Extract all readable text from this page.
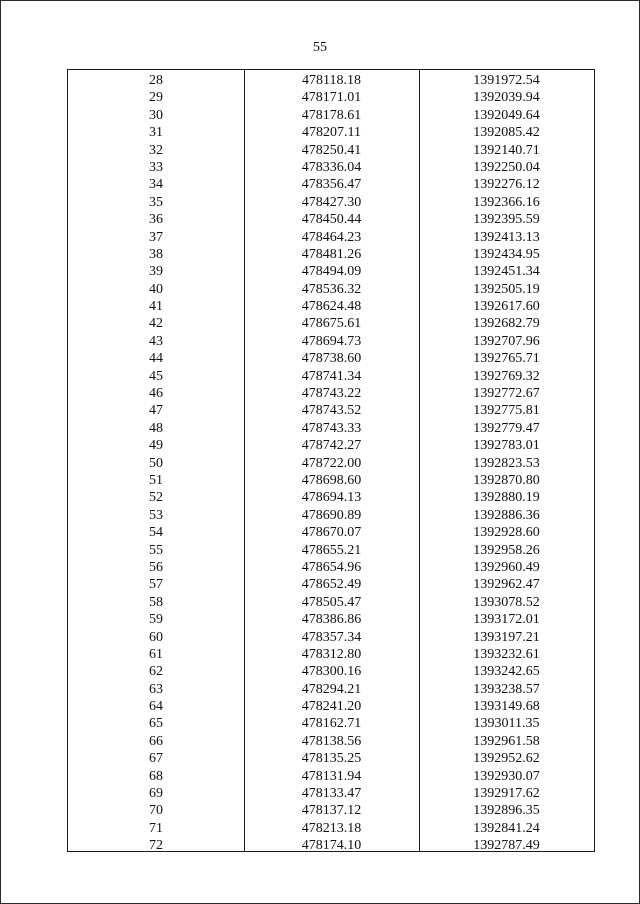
55
28	478118.18	1391972.54
29	478171.01	1392039.94
30	478178.61	1392049.64
31	478207.11	1392085.42
32	478250.41	1392140.71
33	478336.04	1392250.04
34	478356.47	1392276.12
35	478427.30	1392366.16
36	478450.44	1392395.59
37	478464.23	1392413.13
38	478481.26	1392434.95
39	478494.09	1392451.34
40	478536.32	1392505.19
41	478624.48	1392617.60
42	478675.61	1392682.79
43	478694.73	1392707.96
44	478738.60	1392765.71
45	478741.34	1392769.32
46	478743.22	1392772.67
47	478743.52	1392775.81
48	478743.33	1392779.47
49	478742.27	1392783.01
50	478722.00	1392823.53
51	478698.60	1392870.80
52	478694.13	1392880.19
53	478690.89	1392886.36
54	478670.07	1392928.60
55	478655.21	1392958.26
56	478654.96	1392960.49
57	478652.49	1392962.47
58	478505.47	1393078.52
59	478386.86	1393172.01
60	478357.34	1393197.21
61	478312.80	1393232.61
62	478300.16	1393242.65
63	478294.21	1393238.57
64	478241.20	1393149.68
65	478162.71	1393011.35
66	478138.56	1392961.58
67	478135.25	1392952.62
68	478131.94	1392930.07
69	478133.47	1392917.62
70	478137.12	1392896.35
71	478213.18	1392841.24
72	478174.10	1392787.49
